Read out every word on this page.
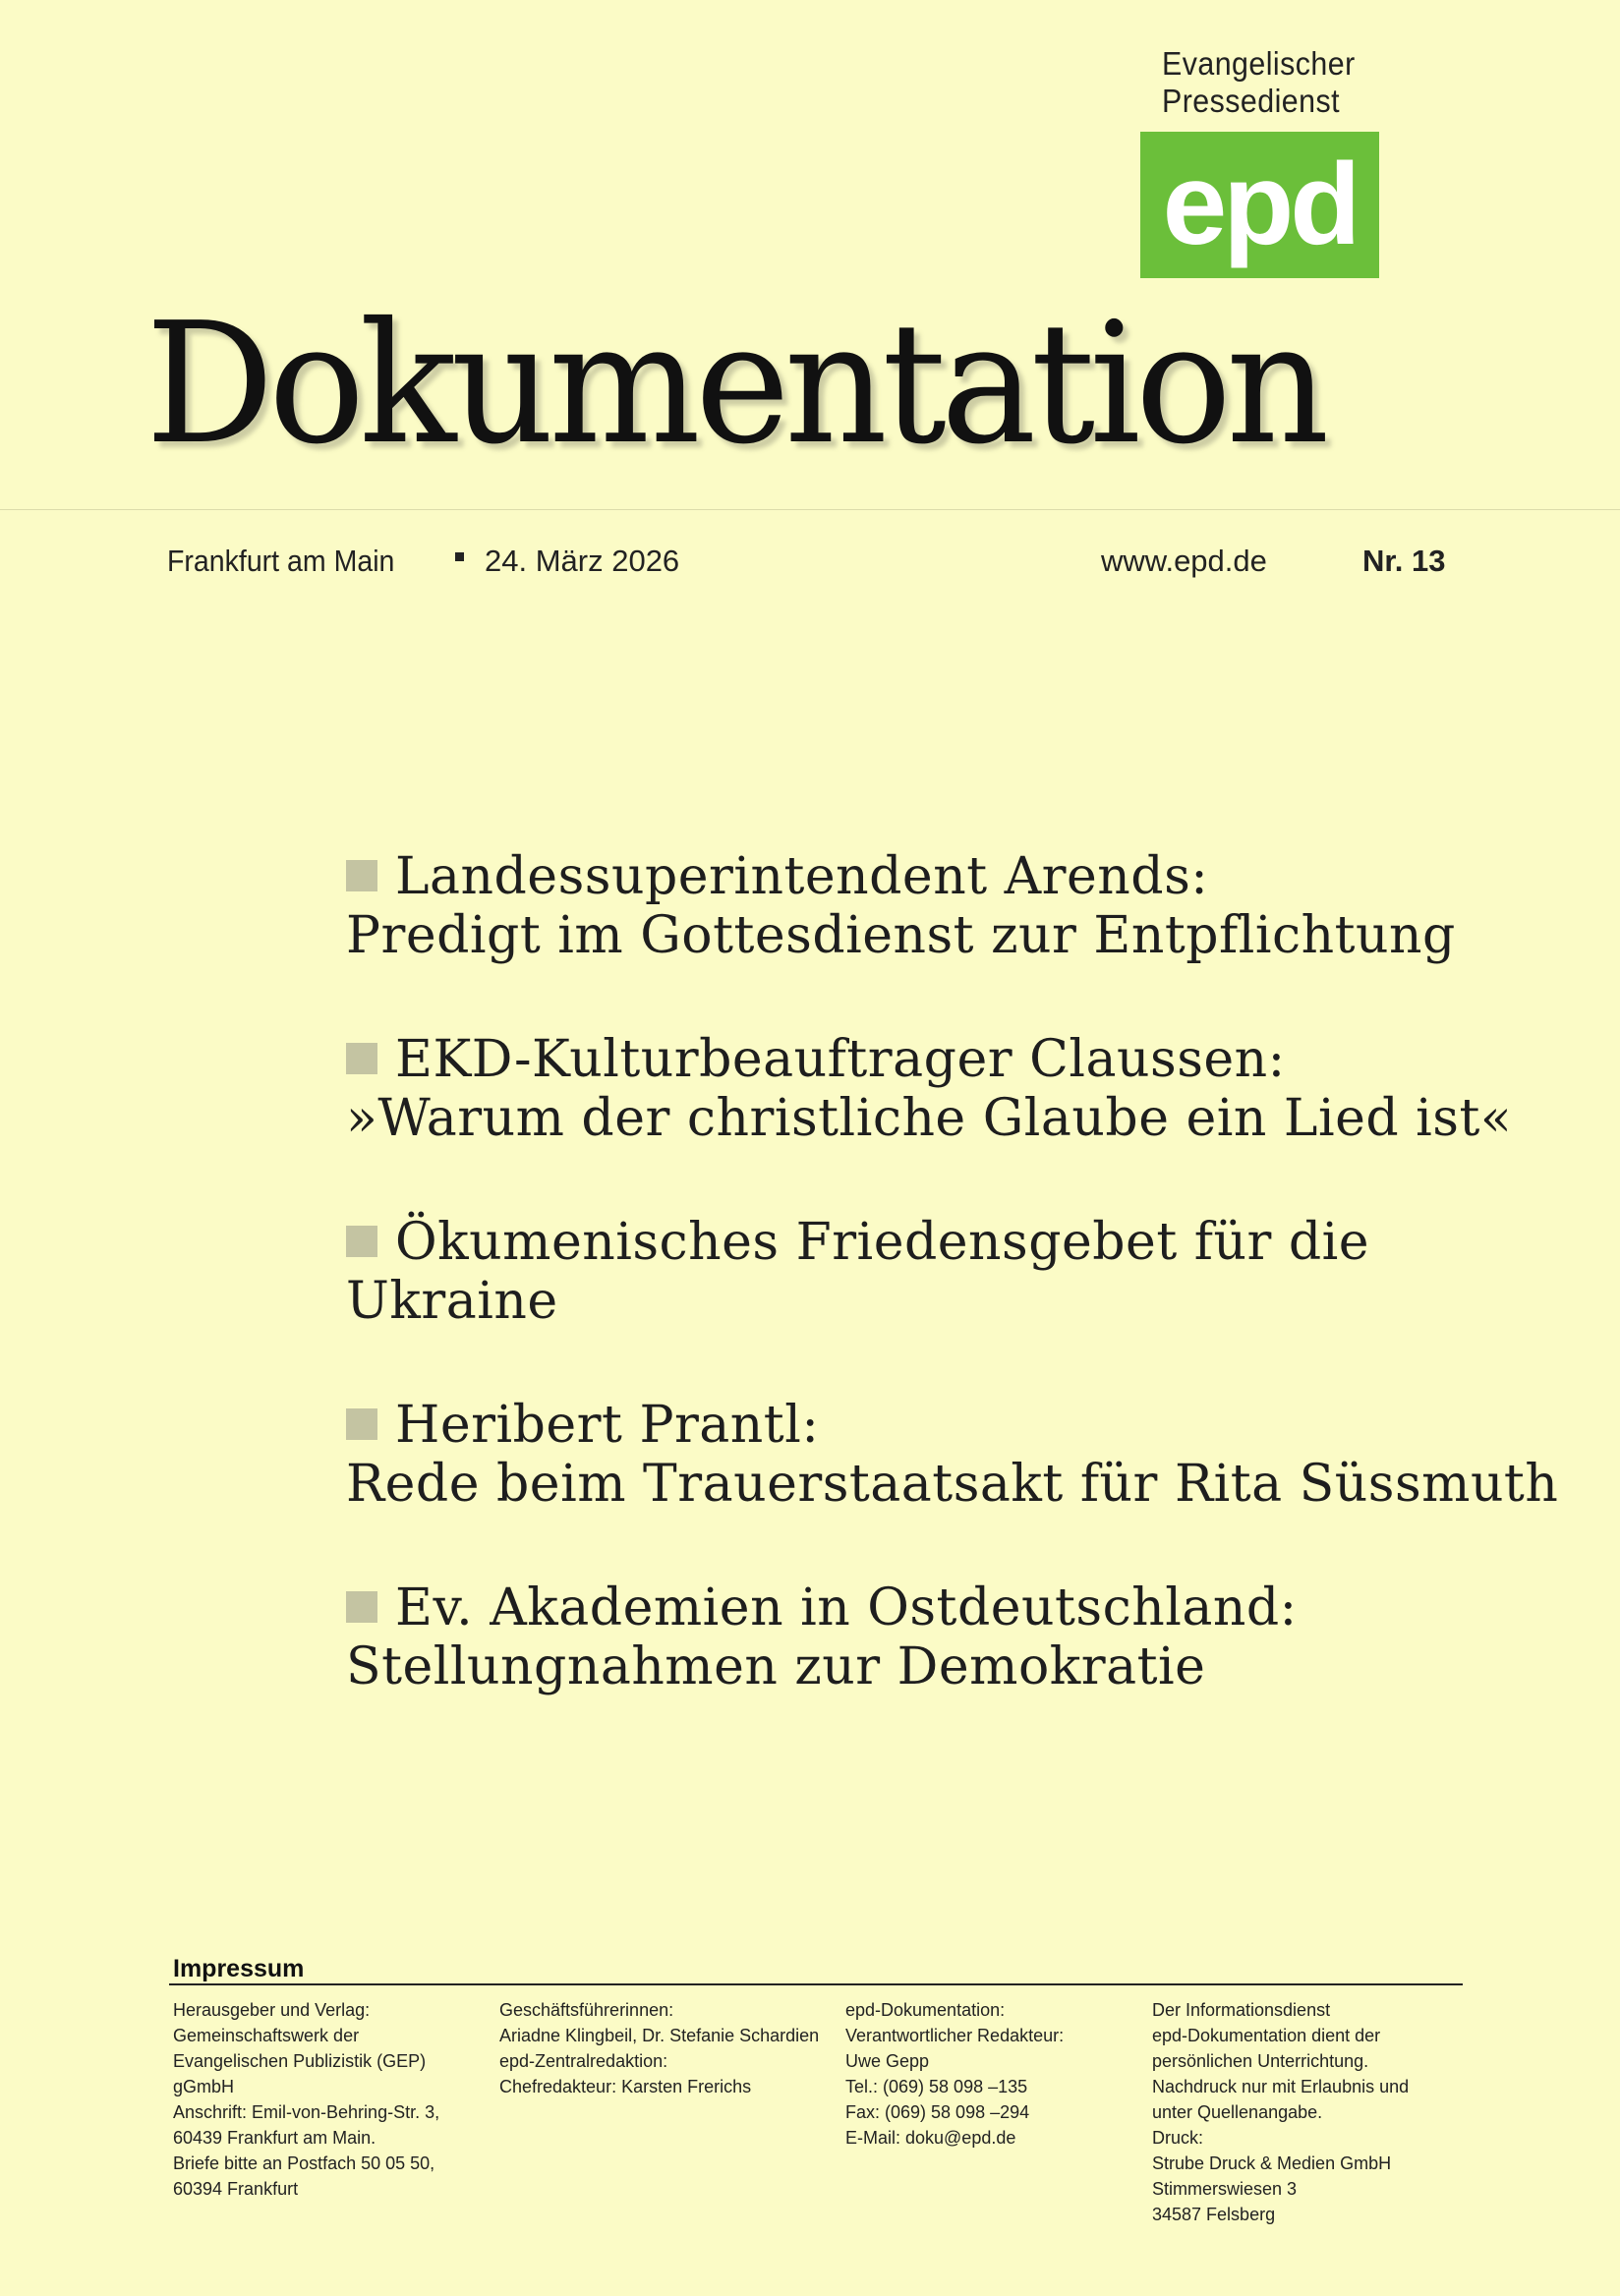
Evangelischer
Pressedienst
epd
Dokumentation
Frankfurt am Main	24. März 2026	www.epd.de	Nr. 13
Landessuperintendent Arends:
Predigt im Gottesdienst zur Entpflichtung
EKD-Kulturbeauftrager Claussen:
»Warum der christliche Glaube ein Lied ist«
Ökumenisches Friedensgebet für die
Ukraine
Heribert Prantl:
Rede beim Trauerstaatsakt für Rita Süssmuth
Ev. Akademien in Ostdeutschland:
Stellungnahmen zur Demokratie
Impressum
Herausgeber und Verlag:
Gemeinschaftswerk der
Evangelischen Publizistik (GEP)
gGmbH
Anschrift: Emil-von-Behring-Str. 3,
60439 Frankfurt am Main.
Briefe bitte an Postfach 50 05 50,
60394 Frankfurt
Geschäftsführerinnen:
Ariadne Klingbeil, Dr. Stefanie Schardien
epd-Zentralredaktion:
Chefredakteur: Karsten Frerichs
epd-Dokumentation:
Verantwortlicher Redakteur:
Uwe Gepp
Tel.: (069) 58 098 –135
Fax: (069) 58 098 –294
E-Mail: doku@epd.de
Der Informationsdienst
epd-Dokumentation dient der
persönlichen Unterrichtung.
Nachdruck nur mit Erlaubnis und
unter Quellenangabe.
Druck:
Strube Druck & Medien GmbH
Stimmerswiesen 3
34587 Felsberg
